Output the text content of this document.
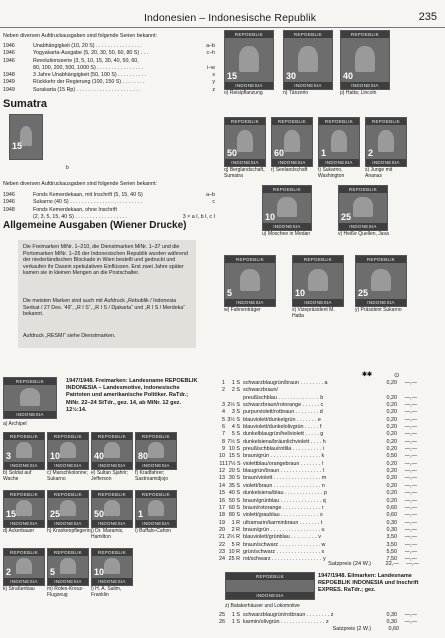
Indonesien – Indonesische Republik	235
Neben diversen Aufdruckausgaben sind folgende Serien bekannt:
1946	Unabhängigkeit (10, 20 S) . . . . . . . . . . . . . . . .	a–b
1946	Yogyakarta-Ausgabe (5, 20, 30, 50, 60, 80 S) . . .	c–h
1946	Revolutionsserie (3, 5, 10, 15, 30, 40, 50, 60,
80, 100, 200, 500, 1000 S) . . . . . . . . . . . . . . . .	i–w
1948	3 Jahre Unabhängigkeit (50, 100 S) . . . . . . . . . .	x
1949	Rückkehr der Regierung (100, 150 S) . . . . . . . .	y
1949	Surakarta (15 Rp) . . . . . . . . . . . . . . . . . . . . . .	z
Sumatra
15
b
Neben diversen Aufdruckausgaben sind folgende Serien bekannt:
1946	Fonds Kemerdekaan, mit Inschrift (5, 15, 40 S)	a–b
1946	Sukarno (40 S) . . . . . . . . . . . . . . . . . . . . . . . . .	c
1948	Fonds Kemerdekaan, ohne Inschrift
(2, 3, 5, 15, 40 S) . . . . . . . . . . . . . . . . . .	3 × a I, b I, c I
Allgemeine Ausgaben (Wiener Drucke)
Die Freimarken MiNr. 1–210, die Dienstmarken MiNr. 1–37 und die Portomarken MiNr. 1–26 der Indonesischen Republik wurden während der niederländischen Blockade in Wien bestellt und gedruckt und verkaufen ihr Dasein spekulativen Einflüssen. Erst zwei Jahre später kamen sie in kleinen Mengen an die Postschalter.
Die meisten Marken sind auch mit Aufdruck „Rebublik / Indonesia Serikat / 27 Des. '49“, „R I S“, „R I S / Djakarta“ und „R I S / Merdeka“ bekannt.
Aufdruck „RESMI“ siehe Dienstmarken.
REPOEBLIK
INDONESIA
a) Archipel
1947/1948. Freimarken: Landesname REPOEBLIK INDONESIA – Landesmotive, indonesische Patrioten und amerikanische Politiker. RaTdr.; MiNr. 22–24 StTdr., gez. 14, ab MiNr. 12 gez. 12½:14.
REPOEBLIK
3
INDONESIA
b) Soldat auf Wache
REPOEBLIK
10
INDONESIA
c) Marschkolonne; Sukarno
REPOEBLIK
40
INDONESIA
e) Sultan Sjahrir; Jefferson
REPOEBLIK
80
INDONESIA
f) Kradfahrer; Sastroamidjojo
REPOEBLIK
15
INDONESIA
d) Ackerbauer
REPOEBLIK
25
INDONESIA
h) Krankenpflegerin
REPOEBLIK
50
INDONESIA
j) Dr. Maramis, Hamilton
REPOEBLIK
1
INDONESIA
l) Buffalo-Cahon
REPOEBLIK
2
INDONESIA
k) Straßenbau
REPOEBLIK
5
INDONESIA
m) Rotes-Kreuz-Flugzeug
REPOEBLIK
10
INDONESIA
l) H. A. Salim, Franklin
REPOEBLIK
15
INDONESIA
o) Reisipflanzung
REPOEBLIK
30
INDONESIA
n) Tänzerin
REPOEBLIK
40
INDONESIA
p) Hatta; Lincoln
REPOEBLIK
50
INDONESIA
q) Berglandschaft, Sumatra
REPOEBLIK
60
INDONESIA
r) Seelandschaft
REPOEBLIK
1
INDONESIA
t) Sukarno, Washington
REPOEBLIK
2
INDONESIA
s) Junge mit Ananas
REPOEBLIK
10
INDONESIA
u) Moschee in Medan
REPOEBLIK
25
INDONESIA
v) Heiße Quellen, Java
REPOEBLIK
5
INDONESIA
w) Fahnenträger
REPOEBLIK
10
INDONESIA
x) Vizepräsident M. Hatta
REPOEBLIK
25
INDONESIA
y) Präsident Sukarno
✱✱	⊙
1	1 S schwarzblaugrün/braun . . . . . . . . a	0,20	—,—
2	2 S schwarzbraun/
preußischblau . . . . . . . . . . . . . . b	0,20	—,—
3 2½ S schwarzbraun/rotorange . . . . . . c	0,20	—,—
4	3 S purpurviolett/rotbraun . . . . . . . . d	0,20	—,—
5 3½ S blauviolett/dunkelgrün . . . . . . . e	0,20	—,—
6	4 S blauviolett/dunkelolivgrün . . . . . f	0,20	—,—
7	5 S dunkelblaugrün/hellviolett . . . . . g	0,20	—,—
8 7½ S dunkelsiena/bräunlichviolett . . . . h	0,20	—,—
9 10 S preußischblau/rotlila . . . . . . . . . . i	0,20	—,—
10 15 S braun/grün . . . . . . . . . . . . . . . . . k	0,50	—,—
11 17½ S violettblau/orangebraun . . . . . . . l	0,20	—,—
12 20 S blaugrün/braun . . . . . . . . . . . . . . l	0,20	—,—
13 30 S braun/violett . . . . . . . . . . . . . . . . m	0,20	—,—
14 35 S violett/braun . . . . . . . . . . . . . . . . n	0,20	—,—
15 40 S dunkelsiena/blau . . . . . . . . . . . . . p	0,20	—,—
16 50 S braun/grünblau . . . . . . . . . . . . . . q	0,20	—,—
17 60 S braun/rotorange . . . . . . . . . . . . . r	0,60	—,—
18 80 S violett/graublau . . . . . . . . . . . . . s	0,60	—,—
19	1 R ultramarin/karminbraun . . . . . . . t	0,30	—,—
20	2 R braun/grün . . . . . . . . . . . . . . . . . u	0,30	—,—
21 2½ R blauviolett/grünblau . . . . . . . . . v	3,50	—,—
22	5 R braun/schwarz . . . . . . . . . . . . . . w	3,50	—,—
23 10 R grün/schwarz . . . . . . . . . . . . . . . x	5,50	—,—
24 25 R rot/schwarz . . . . . . . . . . . . . . . . . y	7,50	—,—
Satzpreis (24 W.)	22,—	—,—
REPOEBLIK
INDONESIA
z) Batakerhäuser und Lokomotive
1947/1948. Eilmarken: Landesname REPOEBLIK INDONESIA und Inschrift EXPRES. RaTdr.; gez.
25	1 S schwarzblaugrün/rotbraun . . . . . . . . z	0,30	—,—
26	1 S karmin/olivgrün . . . . . . . . . . . . . . . z	0,30	—,—
Satzpreis (2 W.)	0,60
